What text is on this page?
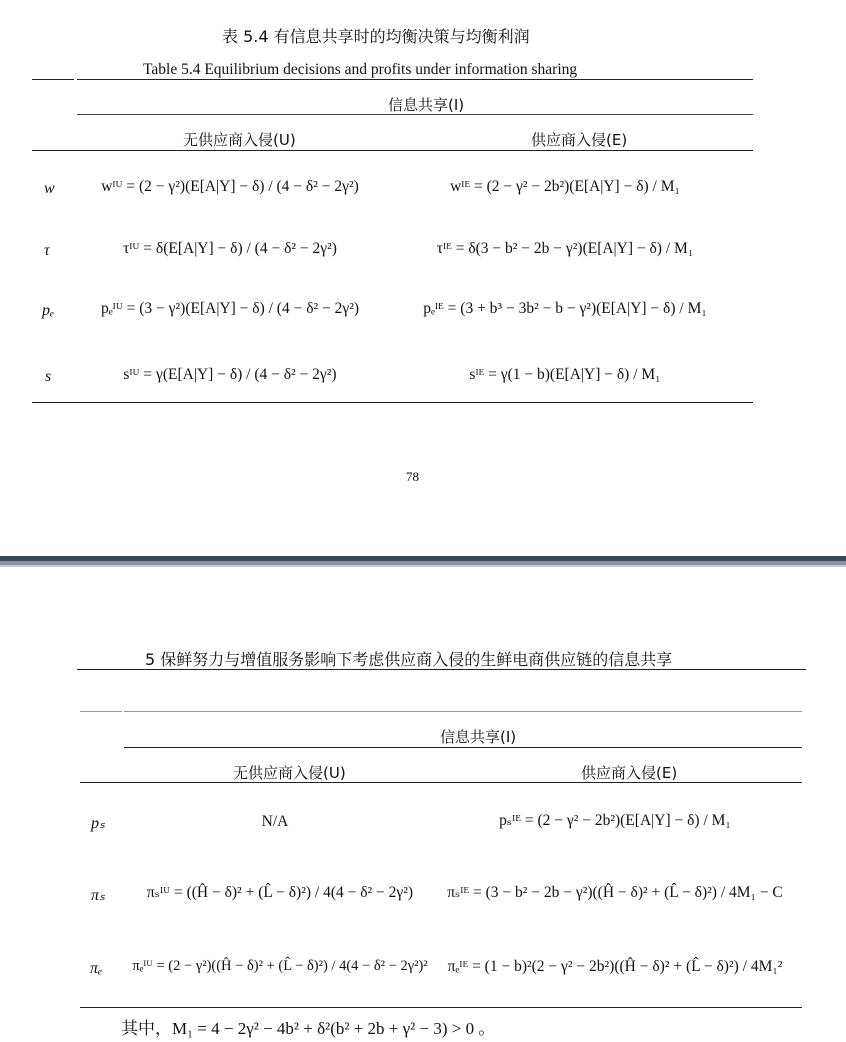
表 5.4 有信息共享时的均衡决策与均衡利润
Table 5.4 Equilibrium decisions and profits under information sharing
信息共享(I)
无供应商入侵(U)	供应商入侵(E)
w	wᴵᵁ = (2 − γ²)(E[A|Y] − δ) / (4 − δ² − 2γ²)	wᴵᴱ = (2 − γ² − 2b²)(E[A|Y] − δ) / M₁
τ	τᴵᵁ = δ(E[A|Y] − δ) / (4 − δ² − 2γ²)	τᴵᴱ = δ(3 − b² − 2b − γ²)(E[A|Y] − δ) / M₁
pₑ	pₑᴵᵁ = (3 − γ²)(E[A|Y] − δ) / (4 − δ² − 2γ²)	pₑᴵᴱ = (3 + b³ − 3b² − b − γ²)(E[A|Y] − δ) / M₁
s	sᴵᵁ = γ(E[A|Y] − δ) / (4 − δ² − 2γ²)	sᴵᴱ = γ(1 − b)(E[A|Y] − δ) / M₁
78
5 保鲜努力与增值服务影响下考虑供应商入侵的生鲜电商供应链的信息共享
信息共享(I)
无供应商入侵(U)	供应商入侵(E)
pₛ	N/A	pₛᴵᴱ = (2 − γ² − 2b²)(E[A|Y] − δ) / M₁
πₛ	πₛᴵᵁ = ((Ĥ − δ)² + (L̂ − δ)²) / 4(4 − δ² − 2γ²)	πₛᴵᴱ = (3 − b² − 2b − γ²)((Ĥ − δ)² + (L̂ − δ)²) / 4M₁ − C
πₑ πₑᴵᵁ = (2 − γ²)((Ĥ − δ)² + (L̂ − δ)²) / 4(4 − δ² − 2γ²)²	πₑᴵᴱ = (1 − b)²(2 − γ² − 2b²)((Ĥ − δ)² + (L̂ − δ)²) / 4M₁²
其中，M₁ = 4 − 2γ² − 4b² + δ²(b² + 2b + γ² − 3) > 0 。
